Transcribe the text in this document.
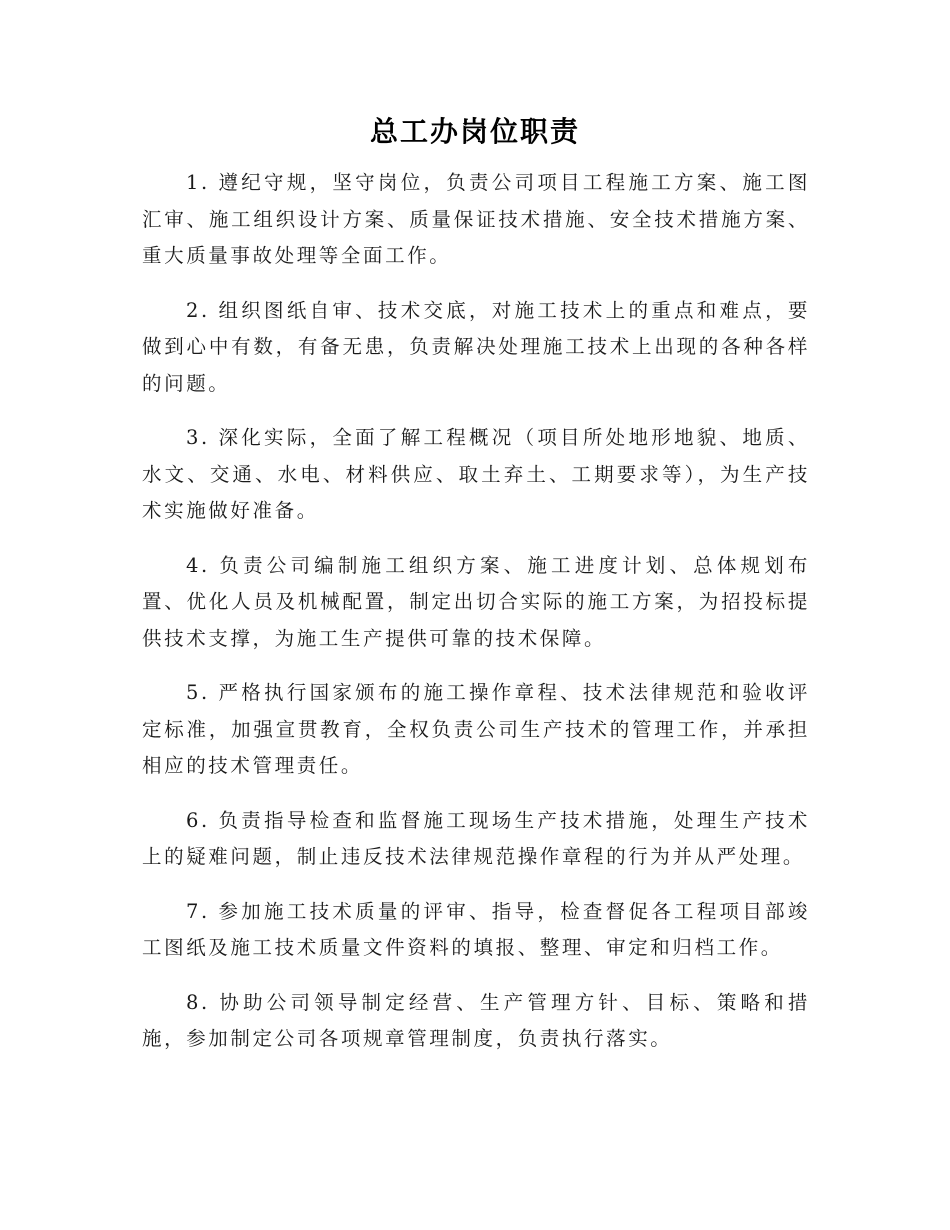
总工办岗位职责

1. 遵纪守规，坚守岗位，负责公司项目工程施工方案、施工图汇审、施工组织设计方案、质量保证技术措施、安全技术措施方案、重大质量事故处理等全面工作。

2. 组织图纸自审、技术交底，对施工技术上的重点和难点，要做到心中有数，有备无患，负责解决处理施工技术上出现的各种各样的问题。

3. 深化实际，全面了解工程概况（项目所处地形地貌、地质、水文、交通、水电、材料供应、取土弃土、工期要求等），为生产技术实施做好准备。

4. 负责公司编制施工组织方案、施工进度计划、总体规划布置、优化人员及机械配置，制定出切合实际的施工方案，为招投标提供技术支撑，为施工生产提供可靠的技术保障。

5. 严格执行国家颁布的施工操作章程、技术法律规范和验收评定标准，加强宣贯教育，全权负责公司生产技术的管理工作，并承担相应的技术管理责任。

6. 负责指导检查和监督施工现场生产技术措施，处理生产技术上的疑难问题，制止违反技术法律规范操作章程的行为并从严处理。

7. 参加施工技术质量的评审、指导，检查督促各工程项目部竣工图纸及施工技术质量文件资料的填报、整理、审定和归档工作。

8. 协助公司领导制定经营、生产管理方针、目标、策略和措施，参加制定公司各项规章管理制度，负责执行落实。
